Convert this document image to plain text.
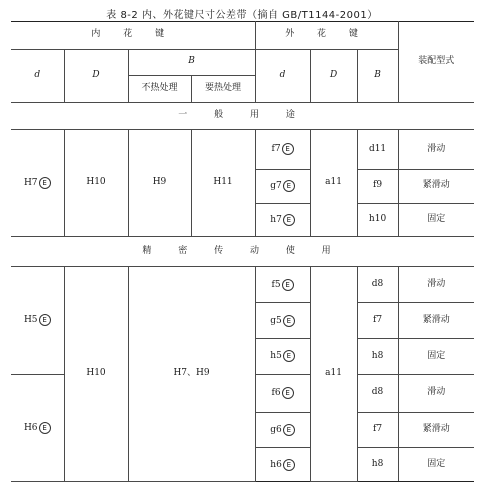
表 8-2 内、外花键尺寸公差带（摘自 GB/T1144-2001）
内 花 键				外 花 键			装配型式
d	D	B		d	D	B	
		不热处理	要热处理				
一 般 用 途							
H7 E	H10	H9	H11	f7 E	a11	d11	滑动
				g7 E		f9	紧滑动
				h7 E		h10	固定
精 密 传 动 使 用							
H5 E	H10	H7、H9		f5 E	a11	d8	滑动
				g5 E		f7	紧滑动
				h5 E		h8	固定
H6 E				f6 E		d8	滑动
				g6 E		f7	紧滑动
				h6 E		h8	固定
